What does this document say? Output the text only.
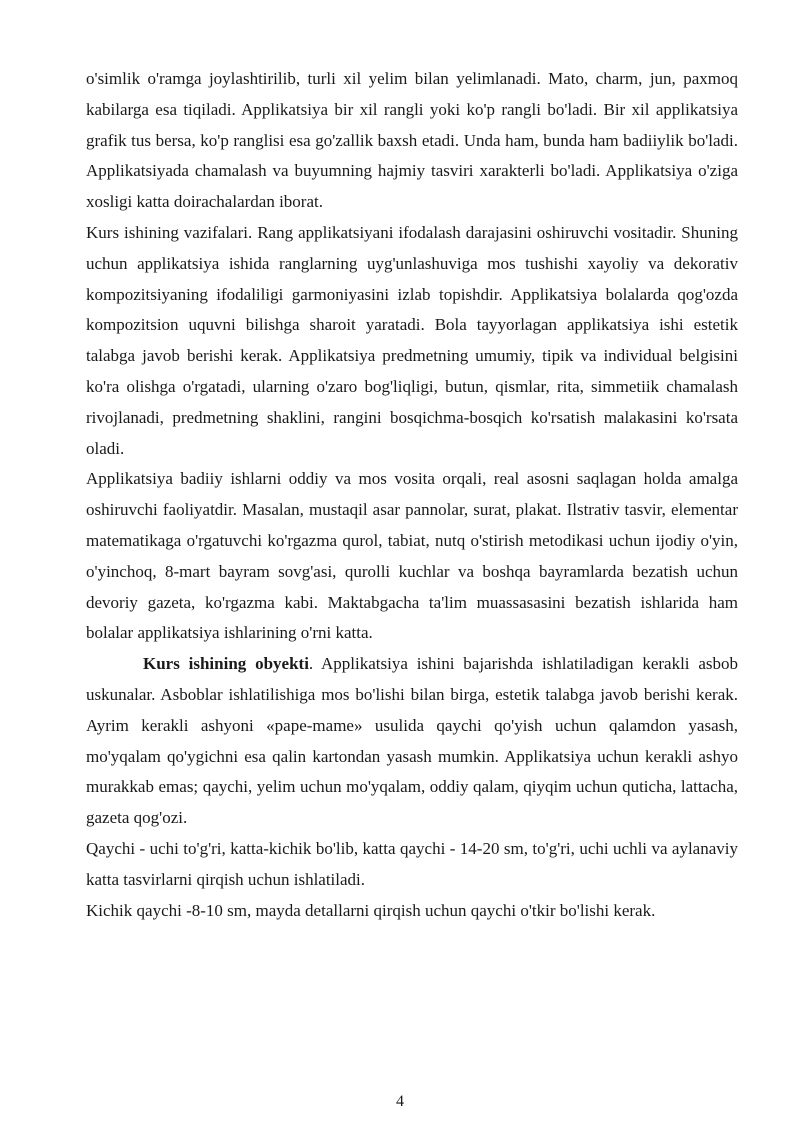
o'simlik o'ramga joylashtirilib, turli xil yelim bilan yelimlanadi. Mato, charm, jun, paxmoq kabilarga esa tiqiladi. Applikatsiya bir xil rangli yoki ko'p rangli bo'ladi. Bir xil applikatsiya grafik tus bersa, ko'p ranglisi esa go'zallik baxsh etadi. Unda ham, bunda ham badiiylik bo'ladi. Applikatsiyada chamalash va buyumning hajmiy tasviri xarakterli bo'ladi. Applikatsiya o'ziga xosligi katta doirachalardan iborat.

Kurs ishining vazifalari. Rang applikatsiyani ifodalash darajasini oshiruvchi vositadir. Shuning uchun applikatsiya ishida ranglarning uyg'unlashuviga mos tushishi xayoliy va dekorativ kompozitsiyaning ifodaliligi garmoniyasini izlab topishdir. Applikatsiya bolalarda qog'ozda kompozitsion uquvni bilishga sharoit yaratadi. Bola tayyorlagan applikatsiya ishi estetik talabga javob berishi kerak. Applikatsiya predmetning umumiy, tipik va individual belgisini ko'ra olishga o'rgatadi, ularning o'zaro bog'liqligi, butun, qismlar, rita, simmetiik chamalash rivojlanadi, predmetning shaklini, rangini bosqichma-bosqich ko'rsatish malakasini ko'rsata oladi.

Applikatsiya badiiy ishlarni oddiy va mos vosita orqali, real asosni saqlagan holda amalga oshiruvchi faoliyatdir. Masalan, mustaqil asar pannolar, surat, plakat. Ilstrativ tasvir, elementar matematikaga o'rgatuvchi ko'rgazma qurol, tabiat, nutq o'stirish metodikasi uchun ijodiy o'yin, o'yinchoq, 8-mart bayram sovg'asi, qurolli kuchlar va boshqa bayramlarda bezatish uchun devoriy gazeta, ko'rgazma kabi. Maktabgacha ta'lim muassasasini bezatish ishlarida ham bolalar applikatsiya ishlarining o'rni katta.

Kurs ishining obyekti. Applikatsiya ishini bajarishda ishlatiladigan kerakli asbob uskunalar. Asboblar ishlatilishiga mos bo'lishi bilan birga, estetik talabga javob berishi kerak. Ayrim kerakli ashyoni «pape-mame» usulida qaychi qo'yish uchun qalamdon yasash, mo'yqalam qo'ygichni esa qalin kartondan yasash mumkin. Applikatsiya uchun kerakli ashyo murakkab emas; qaychi, yelim uchun mo'yqalam, oddiy qalam, qiyqim uchun quticha, lattacha, gazeta qog'ozi.

Qaychi - uchi to'g'ri, katta-kichik bo'lib, katta qaychi - 14-20 sm, to'g'ri, uchi uchli va aylanaviy katta tasvirlarni qirqish uchun ishlatiladi.

Kichik qaychi -8-10 sm, mayda detallarni qirqish uchun qaychi o'tkir bo'lishi kerak.

4
